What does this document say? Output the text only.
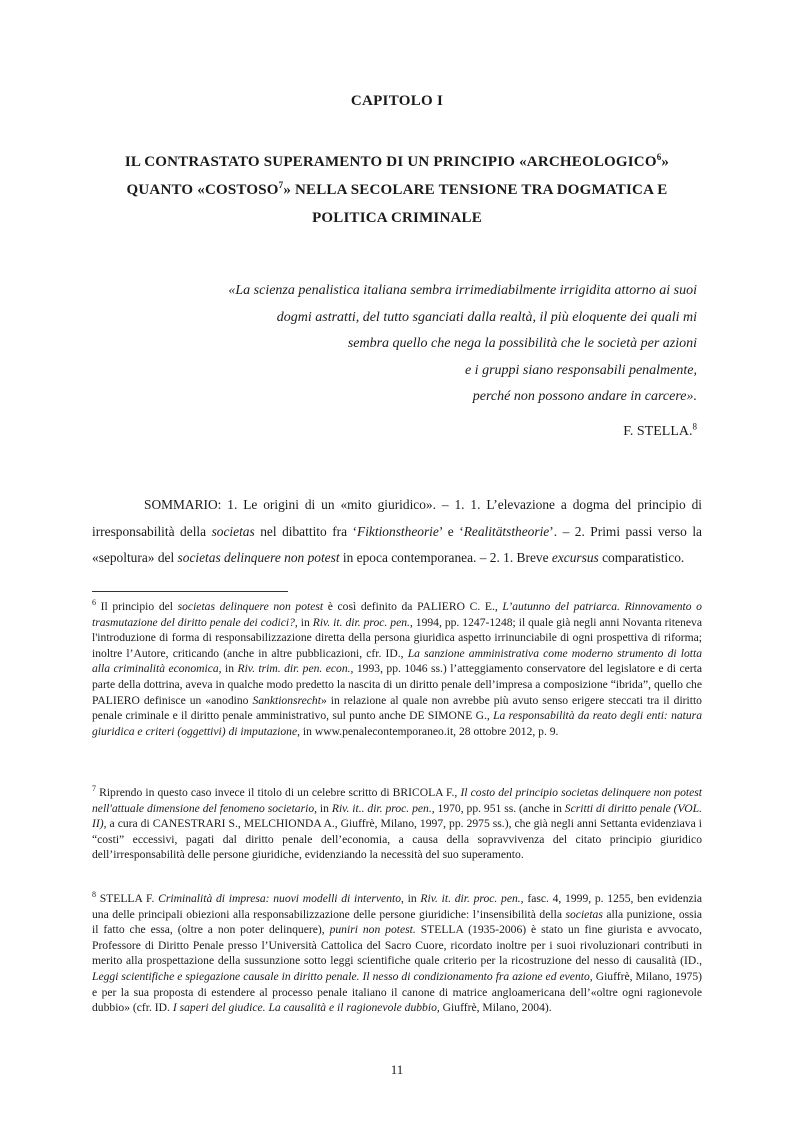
CAPITOLO I
IL CONTRASTATO SUPERAMENTO DI UN PRINCIPIO «ARCHEOLOGICO$^6$» QUANTO «COSTOSO$^7$» NELLA SECOLARE TENSIONE TRA DOGMATICA E POLITICA CRIMINALE
«La scienza penalistica italiana sembra irrimediabilmente irrigidita attorno ai suoi
dogmi astratti, del tutto sganciati dalla realtà, il più eloquente dei quali mi
sembra quello che nega la possibilità che le società per azioni
e i gruppi siano responsabili penalmente,
perché non possono andare in carcere».
F. STELLA.$^8$

SOMMARIO: 1. Le origini di un «mito giuridico». – 1. 1. L’elevazione a dogma del principio di irresponsabilità della societas nel dibattito fra ‘Fiktionstheorie’ e ‘Realitätstheorie’. – 2. Primi passi verso la «sepoltura» del societas delinquere non potest in epoca contemporanea. – 2. 1. Breve excursus comparatistico.

$^6$ Il principio del societas delinquere non potest è così definito da PALIERO C. E., L’autunno del patriarca. Rinnovamento o trasmutazione del diritto penale dei codici?, in Riv. it. dir. proc. pen., 1994, pp. 1247-1248; il quale già negli anni Novanta riteneva l'introduzione di forma di responsabilizzazione diretta della persona giuridica aspetto irrinunciabile di ogni prospettiva di riforma; inoltre l’Autore, criticando (anche in altre pubblicazioni, cfr. ID., La sanzione amministrativa come moderno strumento di lotta alla criminalità economica, in Riv. trim. dir. pen. econ., 1993, pp. 1046 ss.) l’atteggiamento conservatore del legislatore e di certa parte della dottrina, aveva in qualche modo predetto la nascita di un diritto penale dell’impresa a composizione “ibrida”, quello che PALIERO definisce un «anodino Sanktionsrecht» in relazione al quale non avrebbe più avuto senso erigere steccati tra il diritto penale criminale e il diritto penale amministrativo, sul punto anche DE SIMONE G., La responsabilità da reato degli enti: natura giuridica e criteri (oggettivi) di imputazione, in www.penalecontemporaneo.it, 28 ottobre 2012, p. 9.

$^7$ Riprendo in questo caso invece il titolo di un celebre scritto di BRICOLA F., Il costo del principio societas delinquere non potest nell'attuale dimensione del fenomeno societario, in Riv. it.. dir. proc. pen., 1970, pp. 951 ss. (anche in Scritti di diritto penale (VOL. II), a cura di CANESTRARI S., MELCHIONDA A., Giuffrè, Milano, 1997, pp. 2975 ss.), che già negli anni Settanta evidenziava i “costi” eccessivi, pagati dal diritto penale dell’economia, a causa della sopravvivenza del citato principio giuridico dell’irresponsabilità delle persone giuridiche, evidenziando la necessità del suo superamento.

$^8$ STELLA F. Criminalità di impresa: nuovi modelli di intervento, in Riv. it. dir. proc. pen., fasc. 4, 1999, p. 1255, ben evidenzia una delle principali obiezioni alla responsabilizzazione delle persone giuridiche: l’insensibilità della societas alla punizione, ossia il fatto che essa, (oltre a non poter delinquere), puniri non potest. STELLA (1935-2006) è stato un fine giurista e avvocato, Professore di Diritto Penale presso l’Università Cattolica del Sacro Cuore, ricordato inoltre per i suoi rivoluzionari contributi in merito alla prospettazione della sussunzione sotto leggi scientifiche quale criterio per la ricostruzione del nesso di causalità (ID., Leggi scientifiche e spiegazione causale in diritto penale. Il nesso di condizionamento fra azione ed evento, Giuffrè, Milano, 1975) e per la sua proposta di estendere al processo penale italiano il canone di matrice angloamericana dell’«oltre ogni ragionevole dubbio» (cfr. ID. I saperi del giudice. La causalità e il ragionevole dubbio, Giuffrè, Milano, 2004).

11
